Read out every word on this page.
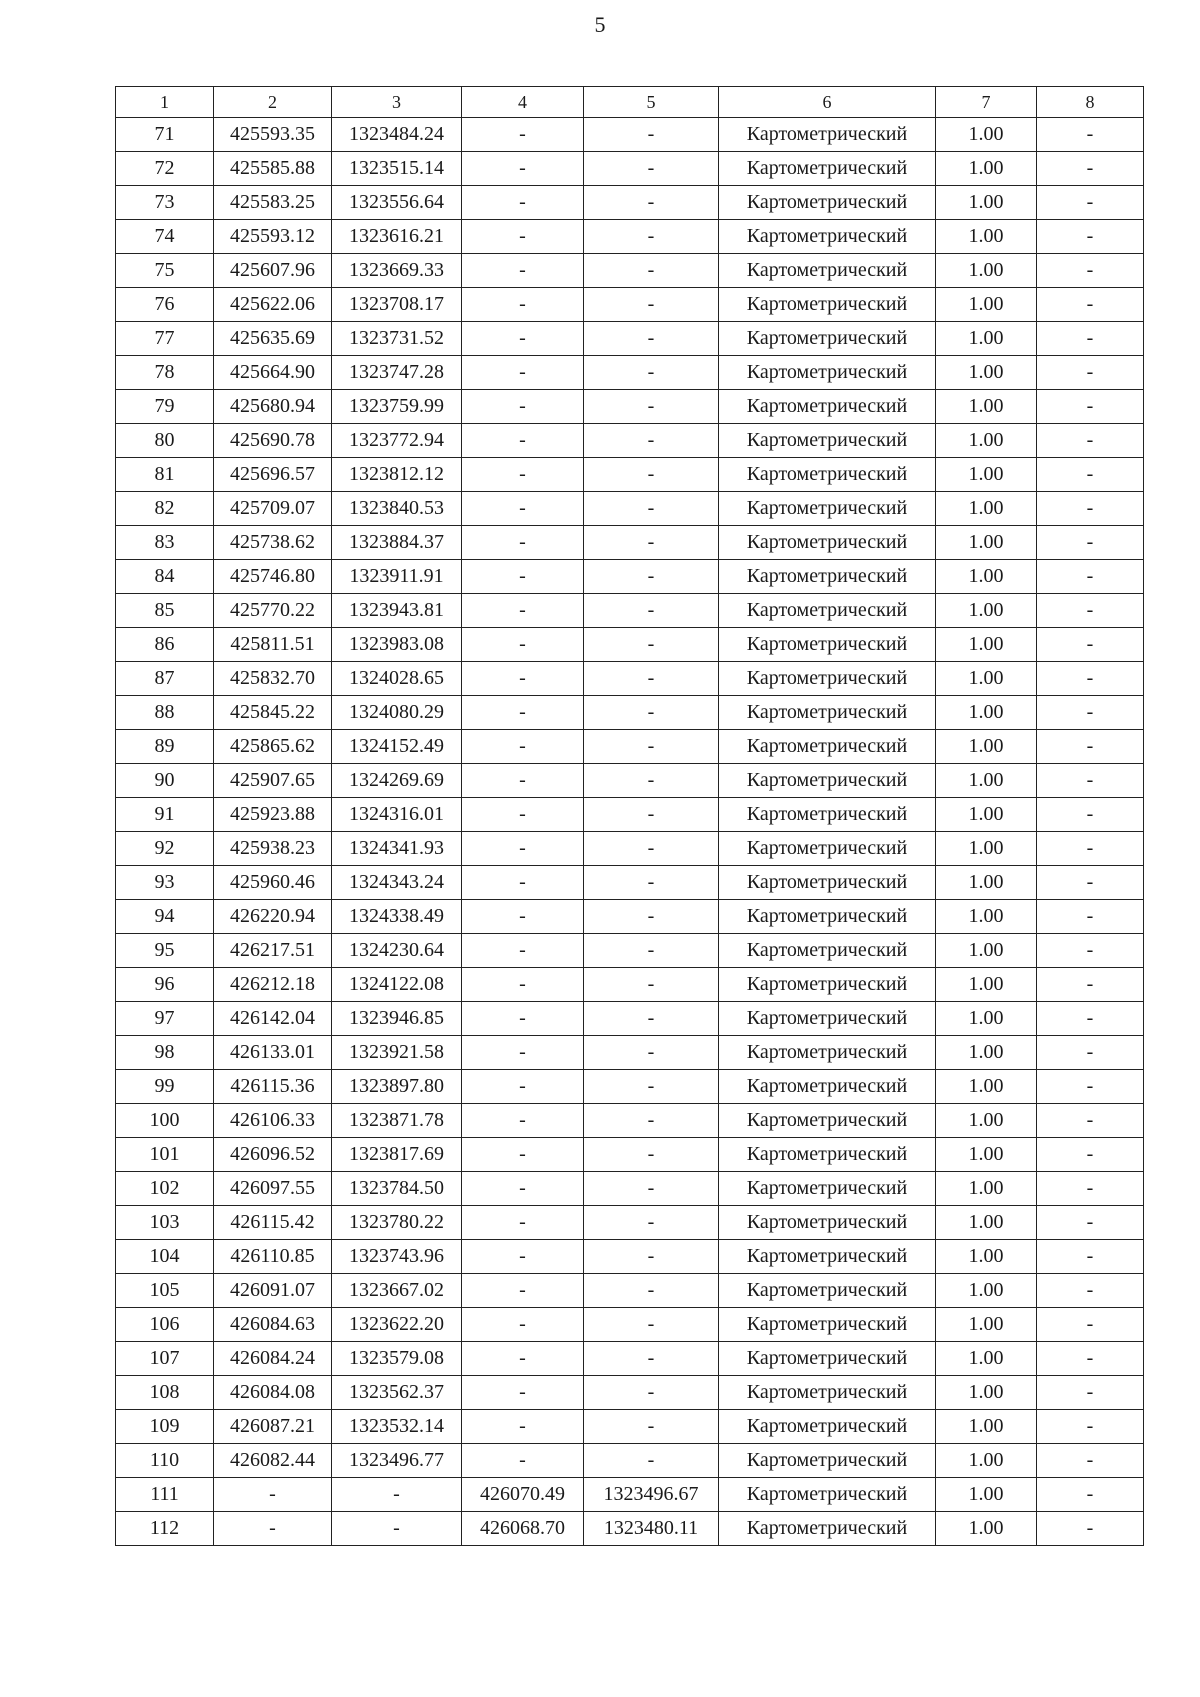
5
1	2	3	4	5	6	7	8
71	425593.35	1323484.24	-	-	Картометрический	1.00	-
72	425585.88	1323515.14	-	-	Картометрический	1.00	-
73	425583.25	1323556.64	-	-	Картометрический	1.00	-
74	425593.12	1323616.21	-	-	Картометрический	1.00	-
75	425607.96	1323669.33	-	-	Картометрический	1.00	-
76	425622.06	1323708.17	-	-	Картометрический	1.00	-
77	425635.69	1323731.52	-	-	Картометрический	1.00	-
78	425664.90	1323747.28	-	-	Картометрический	1.00	-
79	425680.94	1323759.99	-	-	Картометрический	1.00	-
80	425690.78	1323772.94	-	-	Картометрический	1.00	-
81	425696.57	1323812.12	-	-	Картометрический	1.00	-
82	425709.07	1323840.53	-	-	Картометрический	1.00	-
83	425738.62	1323884.37	-	-	Картометрический	1.00	-
84	425746.80	1323911.91	-	-	Картометрический	1.00	-
85	425770.22	1323943.81	-	-	Картометрический	1.00	-
86	425811.51	1323983.08	-	-	Картометрический	1.00	-
87	425832.70	1324028.65	-	-	Картометрический	1.00	-
88	425845.22	1324080.29	-	-	Картометрический	1.00	-
89	425865.62	1324152.49	-	-	Картометрический	1.00	-
90	425907.65	1324269.69	-	-	Картометрический	1.00	-
91	425923.88	1324316.01	-	-	Картометрический	1.00	-
92	425938.23	1324341.93	-	-	Картометрический	1.00	-
93	425960.46	1324343.24	-	-	Картометрический	1.00	-
94	426220.94	1324338.49	-	-	Картометрический	1.00	-
95	426217.51	1324230.64	-	-	Картометрический	1.00	-
96	426212.18	1324122.08	-	-	Картометрический	1.00	-
97	426142.04	1323946.85	-	-	Картометрический	1.00	-
98	426133.01	1323921.58	-	-	Картометрический	1.00	-
99	426115.36	1323897.80	-	-	Картометрический	1.00	-
100	426106.33	1323871.78	-	-	Картометрический	1.00	-
101	426096.52	1323817.69	-	-	Картометрический	1.00	-
102	426097.55	1323784.50	-	-	Картометрический	1.00	-
103	426115.42	1323780.22	-	-	Картометрический	1.00	-
104	426110.85	1323743.96	-	-	Картометрический	1.00	-
105	426091.07	1323667.02	-	-	Картометрический	1.00	-
106	426084.63	1323622.20	-	-	Картометрический	1.00	-
107	426084.24	1323579.08	-	-	Картометрический	1.00	-
108	426084.08	1323562.37	-	-	Картометрический	1.00	-
109	426087.21	1323532.14	-	-	Картометрический	1.00	-
110	426082.44	1323496.77	-	-	Картометрический	1.00	-
111	-	-	426070.49	1323496.67	Картометрический	1.00	-
112	-	-	426068.70	1323480.11	Картометрический	1.00	-
